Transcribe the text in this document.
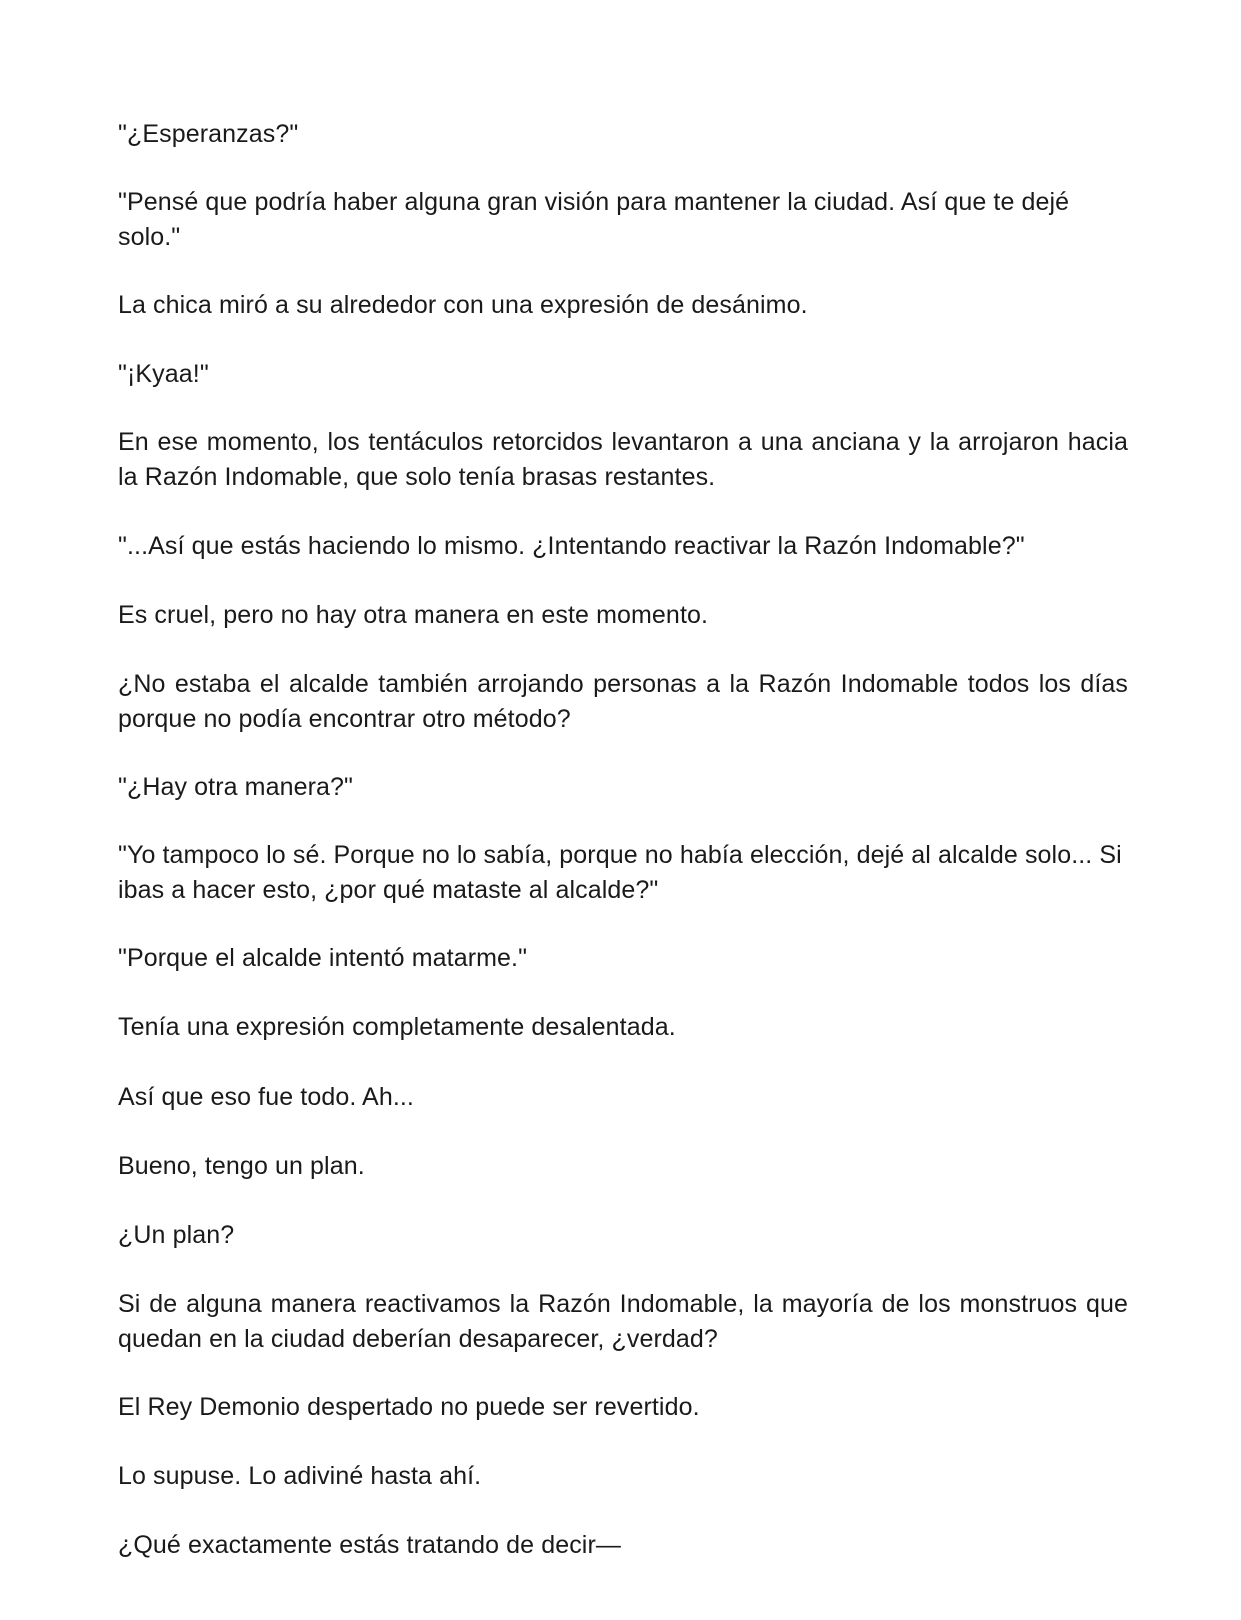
"¿Esperanzas?"

"Pensé que podría haber alguna gran visión para mantener la ciudad. Así que te dejé solo."

La chica miró a su alrededor con una expresión de desánimo.

"¡Kyaa!"

En ese momento, los tentáculos retorcidos levantaron a una anciana y la arrojaron hacia la Razón Indomable, que solo tenía brasas restantes.

"...Así que estás haciendo lo mismo. ¿Intentando reactivar la Razón Indomable?"

Es cruel, pero no hay otra manera en este momento.

¿No estaba el alcalde también arrojando personas a la Razón Indomable todos los días porque no podía encontrar otro método?

"¿Hay otra manera?"

"Yo tampoco lo sé. Porque no lo sabía, porque no había elección, dejé al alcalde solo... Si ibas a hacer esto, ¿por qué mataste al alcalde?"

"Porque el alcalde intentó matarme."

Tenía una expresión completamente desalentada.

Así que eso fue todo. Ah...

Bueno, tengo un plan.

¿Un plan?

Si de alguna manera reactivamos la Razón Indomable, la mayoría de los monstruos que quedan en la ciudad deberían desaparecer, ¿verdad?

El Rey Demonio despertado no puede ser revertido.

Lo supuse. Lo adiviné hasta ahí.

¿Qué exactamente estás tratando de decir—
